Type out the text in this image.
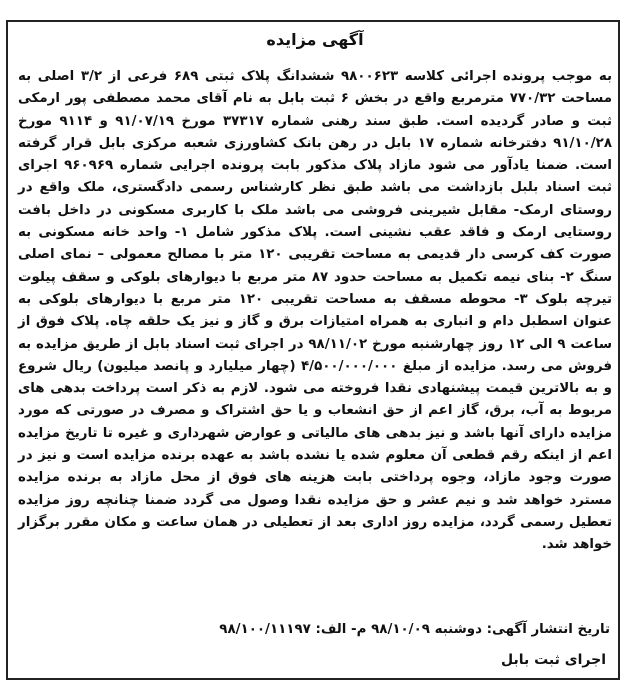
آگهی مزایده

به موجب پرونده اجرائی کلاسه ۹۸۰۰۶۲۳ ششدانگ پلاک ثبتی ۶۸۹ فرعی از ۳/۲ اصلی به مساحت ۷۷۰/۳۲ مترمربع واقع در بخش ۶ ثبت بابل به نام آقای محمد مصطفی پور ارمکی ثبت و صادر گردیده است. طبق سند رهنی شماره ۳۷۳۱۷ مورخ ۹۱/۰۷/۱۹ و ۹۱۱۴ مورخ ۹۱/۱۰/۲۸ دفترخانه شماره ۱۷ بابل در رهن بانک کشاورزی شعبه مرکزی بابل قرار گرفته است. ضمنا یادآور می شود مازاد پلاک مذکور بابت پرونده اجرایی شماره ۹۶۰۹۶۹ اجرای ثبت اسناد بلبل بازداشت می باشد طبق نظر کارشناس رسمی دادگستری، ملک واقع در روستای ارمک- مقابل شیرینی فروشی می باشد ملک با کاربری مسکونی در داخل بافت روستایی ارمک و فاقد عقب نشینی است. پلاک مذکور شامل ۱- واحد خانه مسکونی به صورت کف کرسی دار قدیمی به مساحت تقریبی ۱۲۰ متر با مصالح معمولی – نمای اصلی سنگ ۲- بنای نیمه تکمیل به مساحت حدود ۸۷ متر مربع با دیوارهای بلوکی و سقف پیلوت تیرچه بلوک ۳- محوطه مسقف به مساحت تقریبی ۱۲۰ متر مربع با دیوارهای بلوکی به عنوان اسطبل دام و انباری به همراه امتیازات برق و گاز و نیز یک حلقه چاه. پلاک فوق از ساعت ۹ الی ۱۲ روز چهارشنبه مورخ ۹۸/۱۱/۰۲ در اجرای ثبت اسناد بابل از طریق مزایده به فروش می رسد. مزایده از مبلغ ۴/۵۰۰/۰۰۰/۰۰۰ (چهار میلیارد و پانصد میلیون) ریال شروع و به بالاترین قیمت پیشنهادی نقدا فروخته می شود. لازم به ذکر است پرداخت بدهی های مربوط به آب، برق، گاز اعم از حق انشعاب و یا حق اشتراک و مصرف در صورتی که مورد مزایده دارای آنها باشد و نیز بدهی های مالیاتی و عوارض شهرداری و غیره تا تاریخ مزایده اعم از اینکه رقم قطعی آن معلوم شده یا نشده باشد به عهده برنده مزایده است و نیز در صورت وجود مازاد، وجوه پرداختی بابت هزینه های فوق از محل مازاد به برنده مزایده مسترد خواهد شد و نیم عشر و حق مزایده نقدا وصول می گردد ضمنا چنانچه روز مزایده تعطیل رسمی گردد، مزایده روز اداری بعد از تعطیلی در همان ساعت و مکان مقرر برگزار خواهد شد.

تاریخ انتشار آگهی: دوشنبه ۹۸/۱۰/۰۹ م- الف: ۹۸/۱۰۰/۱۱۱۹۷
اجرای ثبت بابل
